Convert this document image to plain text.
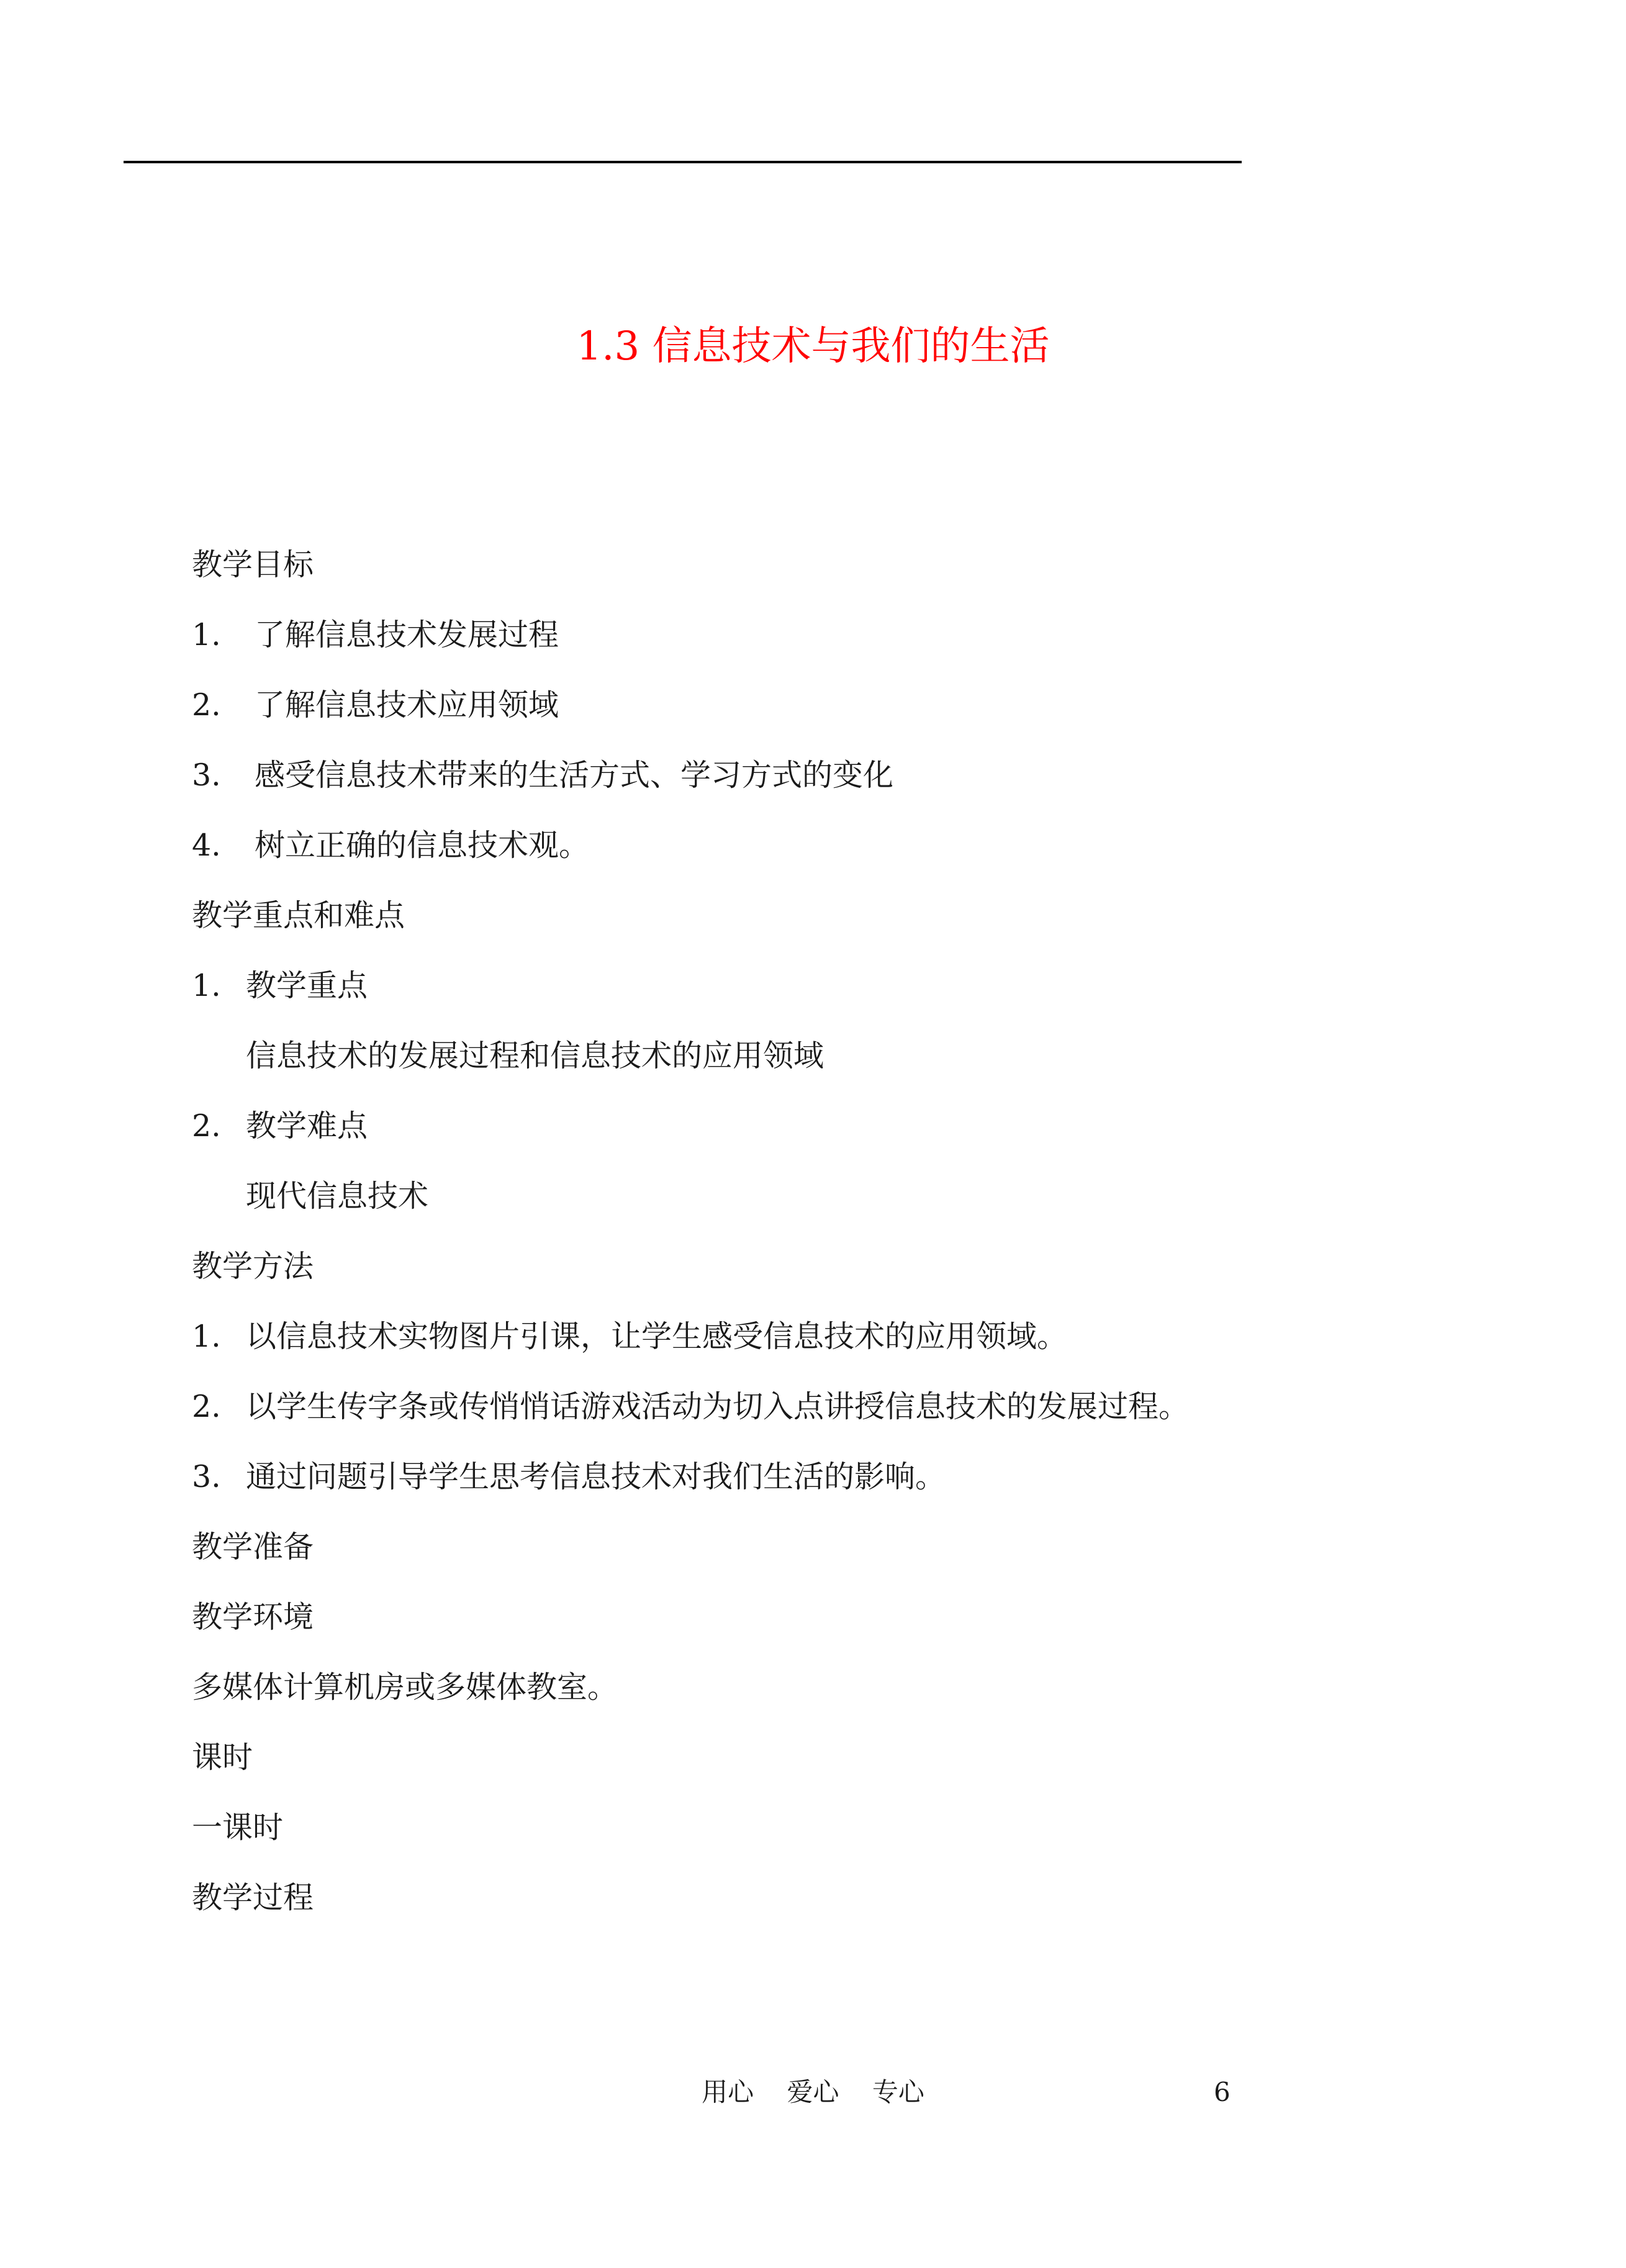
1.3 信息技术与我们的生活
教学目标
1. 了解信息技术发展过程
2. 了解信息技术应用领域
3. 感受信息技术带来的生活方式、学习方式的变化
4. 树立正确的信息技术观。
教学重点和难点
1. 教学重点
信息技术的发展过程和信息技术的应用领域
2. 教学难点
现代信息技术
教学方法
1. 以信息技术实物图片引课，让学生感受信息技术的应用领域。
2. 以学生传字条或传悄悄话游戏活动为切入点讲授信息技术的发展过程。
3. 通过问题引导学生思考信息技术对我们生活的影响。
教学准备
教学环境
多媒体计算机房或多媒体教室。
课时
一课时
教学过程
用心    爱心    专心	6
